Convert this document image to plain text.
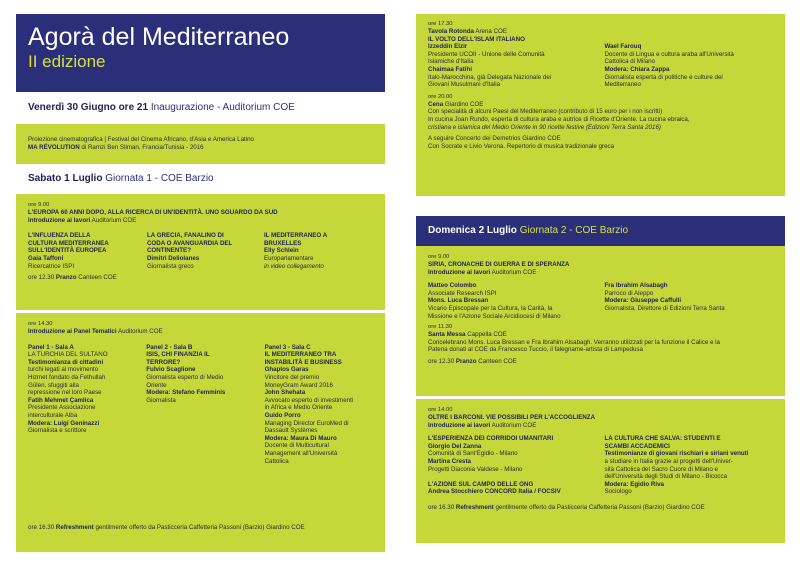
Agorà del Mediterraneo
II edizione
Venerdì 30 Giugno ore 21 Inaugurazione - Auditorium COE
Proiezione cinematografica | Festival del Cinema Africano, d'Asia e America Latino
MA RÉVOLUTION di Ramzi Ben Sliman, Francia/Tunisia - 2016
Sabato 1 Luglio Giornata 1 - COE Barzio
ore 9.00
L'EUROPA 60 ANNI DOPO, ALLA RICERCA DI UN'IDENTITÀ. UNO SGUARDO DA SUD
Introduzione ai lavori Auditorium COE
L'INFLUENZA DELLA
CULTURA MEDITERRANEA
SULL'IDENTITÀ EUROPEA
Gaia Taffoni
Ricercatrice ISPI
LA GRECIA, FANALINO DI
CODA O AVANGUARDIA DEL
CONTINENTE?
Dimitri Deliolanes
Giornalista greco
IL MEDITERRANEO A
BRUXELLES
Elly Schlein
Europarlamentare
in video collegamento
ore 12.30 Pranzo Canteen COE
ore 14.30
Introduzione ai Panel Tematici Auditorium COE
Panel 1 - Sala A
LA TURCHIA DEL SULTANO
Testimonianza di cittadini
turchi legati al movimento
Hizmet fondato da Fethullah
Gülen, sfuggiti alla
repressione nel loro Paese
Fatih Mehmet Çamlica
Presidente Associazione
interculturale Alba
Modera: Luigi Geninazzi
Giornalista e scrittore
Panel 2 - Sala B
ISIS, CHI FINANZIA IL
TERRORE?
Fulvio Scaglione
Giornalista esperto di Medio
Oriente
Modera: Stefano Femminis
Giornalista
Panel 3 - Sala C
IL MEDITERRANEO TRA
INSTABILITÀ E BUSINESS
Ghaplos Garas
Vincitore del premio
MoneyGram Award 2016
John Shehata
Avvocato esperto di investimenti
in Africa e Medio Oriente
Guido Porro
Managing Director EuroMed di
Dassault Systèmes
Modera: Maura Di Mauro
Docente di Multicultural
Management all'Università
Cattolica
ore 16.30 Refreshment gentilmente offerto da Pasticceria Caffetteria Passoni (Barzio) Giardino COE
ore 17.30
Tavola Rotonda Arena COE
IL VOLTO DELL'ISLAM ITALIANO
Izzeddin Elzir
Presidente UCOII - Unione delle Comunità
Islamiche d'Italia
Chaimaa Fatihi
Italo-Marocchina, già Delegata Nazionale dei
Giovani Musulmani d'Italia
Wael Farouq
Docente di Lingua e cultura araba all'Università
Cattolica di Milano
Modera: Chiara Zappa
Giornalista esperta di politiche e culture del
Mediterraneo
ore 20.00
Cena Giardino COE
Con specialità di alcuni Paesi del Mediterraneo (contributo di 15 euro per i non iscritti)
In cucina Joan Rundo, esperta di cultura araba e autrice di Ricette d'Oriente. La cucina ebraica,
cristiana e islamica del Medio Oriente in 90 ricette festive (Edizioni Terra Santa 2016)
A seguire Concerto dei Demetrios Giardino COE
Con Socrate e Livio Verona. Repertorio di musica tradizionale greca
Domenica 2 Luglio Giornata 2 - COE Barzio
ore 9.00
SIRIA, CRONACHE DI GUERRA E DI SPERANZA
Introduzione ai lavori Auditorium COE
Matteo Colombo
Associate Research ISPI
Mons. Luca Bressan
Vicario Episcopale per la Cultura, la Carità, la
Missione e l'Azione Sociale Arcidiocesi di Milano
Fra Ibrahim Alsabagh
Parroco di Aleppo
Modera: Giuseppe Caffulli
Giornalista, Direttore di Edizioni Terra Santa
ore 11.30
Santa Messa Cappella COE
Concelebrano Mons. Luca Bressan e Fra Ibrahim Alsabagh. Verranno utilizzati per la funzione il Calice e la
Patena donati al COE da Francesco Tuccio, il falegname-artista di Lampedusa
ore 12.30 Pranzo Canteen COE
ore 14.00
OLTRE I BARCONI. VIE POSSIBILI PER L'ACCOGLIENZA
Introduzione ai lavori Auditorium COE
L'ESPERIENZA DEI CORRIDOI UMANITARI
Giorgio Del Zanna
Comunità di Sant'Egidio - Milano
Martina Cresta
Progetti Diaconia Valdese - Milano
L'AZIONE SUL CAMPO DELLE ONG
Andrea Stocchiero CONCORD Italia / FOCSIV
LA CULTURA CHE SALVA: STUDENTI E
SCAMBI ACCADEMICI
Testimonianze di giovani rischiari e siriani venuti
a studiare in Italia grazie ai progetti dell'Univer-
sità Cattolica del Sacro Cuore di Milano e
dell'Università degli Studi di Milano - Bicocca
Modera: Egidio Riva
Sociologo
ore 16.30 Refreshment gentilmente offerto da Pasticceria Caffetteria Passoni (Barzio) Giardino COE
